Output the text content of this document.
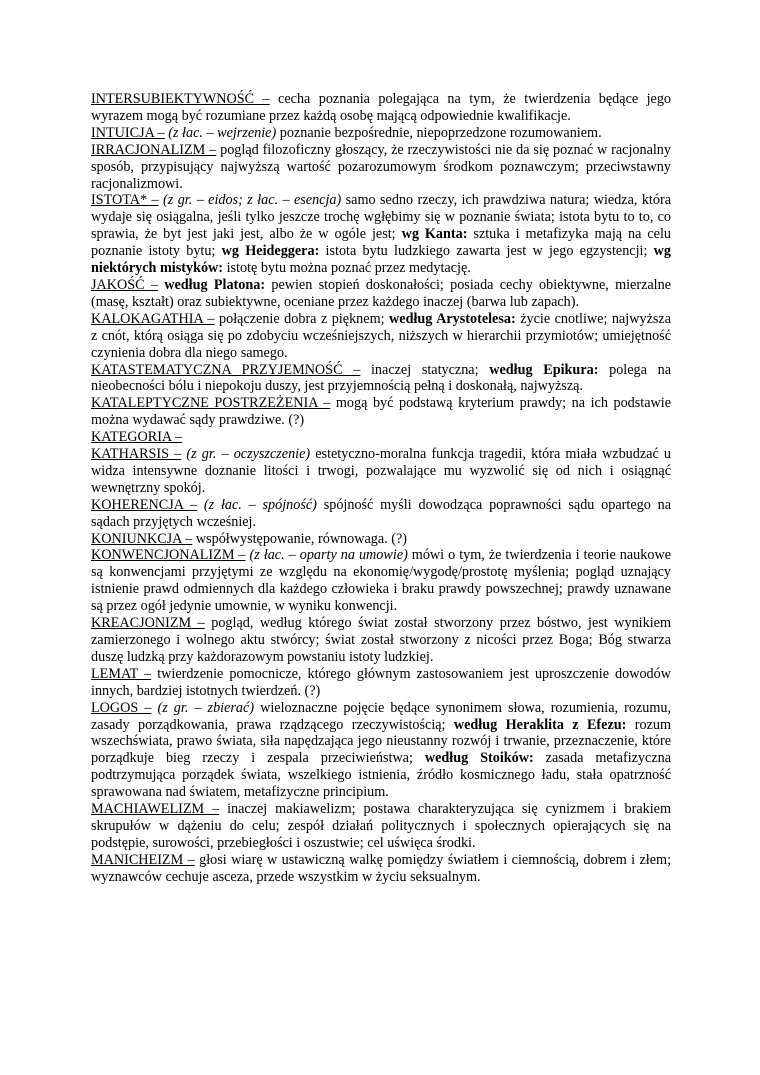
INTERSUBIEKTYWNOŚĆ – cecha poznania polegająca na tym, że twierdzenia będące jego wyrazem mogą być rozumiane przez każdą osobę mającą odpowiednie kwalifikacje.

INTUICJA – (z łac. – wejrzenie) poznanie bezpośrednie, niepoprzedzone rozumowaniem.

IRRACJONALIZM – pogląd filozoficzny głoszący, że rzeczywistości nie da się poznać w racjonalny sposób, przypisujący najwyższą wartość pozarozumowym środkom poznawczym; przeciwstawny racjonalizmowi.

ISTOTA* – (z gr. – eidos; z łac. – esencja) samo sedno rzeczy, ich prawdziwa natura; wiedza, która wydaje się osiągalna, jeśli tylko jeszcze trochę wgłębimy się w poznanie świata; istota bytu to to, co sprawia, że byt jest jaki jest, albo że w ogóle jest; wg Kanta: sztuka i metafizyka mają na celu poznanie istoty bytu; wg Heideggera: istota bytu ludzkiego zawarta jest w jego egzystencji; wg niektórych mistyków: istotę bytu można poznać przez medytację.

JAKOŚĆ – według Platona: pewien stopień doskonałości; posiada cechy obiektywne, mierzalne (masę, kształt) oraz subiektywne, oceniane przez każdego inaczej (barwa lub zapach).

KALOKAGATHIA – połączenie dobra z pięknem; według Arystotelesa: życie cnotliwe; najwyższa z cnót, którą osiąga się po zdobyciu wcześniejszych, niższych w hierarchii przymiotów; umiejętność czynienia dobra dla niego samego.

KATASTEMATYCZNA PRZYJEMNOŚĆ – inaczej statyczna; według Epikura: polega na nieobecności bólu i niepokoju duszy, jest przyjemnością pełną i doskonałą, najwyższą.

KATALEPTYCZNE POSTRZEŻENIA – mogą być podstawą kryterium prawdy; na ich podstawie można wydawać sądy prawdziwe. (?)

KATEGORIA –

KATHARSIS – (z gr. – oczyszczenie) estetyczno-moralna funkcja tragedii, która miała wzbudzać u widza intensywne doznanie litości i trwogi, pozwalające mu wyzwolić się od nich i osiągnąć wewnętrzny spokój.

KOHERENCJA – (z łac. – spójność) spójność myśli dowodząca poprawności sądu opartego na sądach przyjętych wcześniej.

KONIUNKCJA – współwystępowanie, równowaga. (?)

KONWENCJONALIZM – (z łac. – oparty na umowie) mówi o tym, że twierdzenia i teorie naukowe są konwencjami przyjętymi ze względu na ekonomię/wygodę/prostotę myślenia; pogląd uznający istnienie prawd odmiennych dla każdego człowieka i braku prawdy powszechnej; prawdy uznawane są przez ogół jedynie umownie, w wyniku konwencji.

KREACJONIZM – pogląd, według którego świat został stworzony przez bóstwo, jest wynikiem zamierzonego i wolnego aktu stwórcy; świat został stworzony z nicości przez Boga; Bóg stwarza duszę ludzką przy każdorazowym powstaniu istoty ludzkiej.

LEMAT – twierdzenie pomocnicze, którego głównym zastosowaniem jest uproszczenie dowodów innych, bardziej istotnych twierdzeń. (?)

LOGOS – (z gr. – zbierać) wieloznaczne pojęcie będące synonimem słowa, rozumienia, rozumu, zasady porządkowania, prawa rządzącego rzeczywistością; według Heraklita z Efezu: rozum wszechświata, prawo świata, siła napędzająca jego nieustanny rozwój i trwanie, przeznaczenie, które porządkuje bieg rzeczy i zespala przeciwieństwa; według Stoików: zasada metafizyczna podtrzymująca porządek świata, wszelkiego istnienia, źródło kosmicznego ładu, stała opatrzność sprawowana nad światem, metafizyczne principium.

MACHIAWELIZM – inaczej makiawelizm; postawa charakteryzująca się cynizmem i brakiem skrupułów w dążeniu do celu; zespół działań politycznych i społecznych opierających się na podstępie, surowości, przebiegłości i oszustwie; cel uświęca środki.

MANICHEIZM – głosi wiarę w ustawiczną walkę pomiędzy światłem i ciemnością, dobrem i złem; wyznawców cechuje asceza, przede wszystkim w życiu seksualnym.
